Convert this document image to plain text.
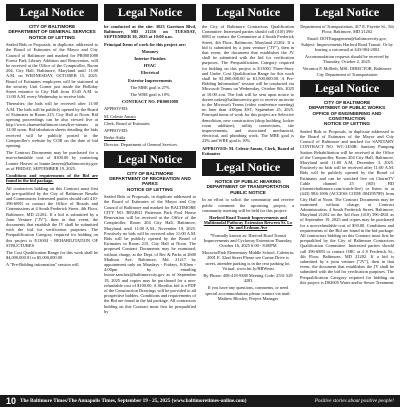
Legal Notice
CITY OF BALTIMORE
DEPARTMENT OF GENERAL SERVICES
NOTICE OF LETTING
Sealed Bids or Proposals, in duplicate, addressed to the Board of Estimates of the Mayor and City Council of Baltimore and marked for PR0001088 Forest Park Library Addition and Renovation, will be received at the Office of the Comptroller, Room 204, City Hall, Baltimore, Maryland until 11:00 A.M. on WEDNESDAY, OCTOBER 15, 2025. Board of Estimates employees will be stationed at the security Unit Corner just inside the Holliday Street entrance to City Hall from 10:45 A.M. to 11:00 A.M. every Wednesday to receive bids.
Thereafter, the bids will be received after 11:00 A.M. The bids will be publicly opened by the Board of Estimates in Room 215, City Hall at Noon. Bid opening proceedings can be also viewed live at http://www.charmtvbaltimore.com/live-stream at 12:00 noon. Bid tabulation sheets detailing the bids received will be publicly posted to the Comptroller's website by COB on the date of bid opening.
The Contract Documents may be purchased for a non-refundable cost of $100.00 by contacting Lonnie Heaver at lonnie.heaver@baltimorecity.gov as of FRIDAY, SEPTEMBER 19, 2025.
Conditions and requirements of the Bid are found in the bid package.
All contractors bidding on this Contract must first be pre-qualified by the City of Baltimore Results and Commission. Interested parties should call 410-396-6883 or contact the Office of Boards and Commissions at 4 South Frederick Street, 4th Floor, Baltimore, MD 21202. If a bid is submitted by a Joint Venture ("JV"), then in that event, the documents that establish the JV shall be submitted with the bid for verification purposes. The Prequalification Category required for bidding on this project is E13004 - REHABILITATION OF STRUCTURES
The Cost Qualification Range for this work shall be $4,000,000.01 to $5,000,000.00
A "Pre-Bidding information" session will
Legal Notice
be conducted at the site: 3023 Garrison Blvd, Baltimore, MD 21216 on TUESDAY, SEPTEMBER 30, 2025 at 10:00 a.m.
Principal Items of work for this project are:
Masonry
Interior Finishes
HVAC
Electrical
Exterior Improvements
The MBE goal is 27%
The WBE goal is 10%
CONTRACT NO. PR0001088
APPROVED:
M. Celeste Amato
Clerk, Board of Estimates
APPROVED:
Berke Attila
Director, Department of General Services
Legal Notice
CITY OF BALTIMORE
DEPARTMENT OF RECREATION AND PARKS
NOTICE OF LETTING
Sealed Bids or Proposals, in duplicate addressed to the Board of Estimates of the Mayor and City Council of Baltimore and marked for BALTIMORE CITY NO. RP24021 Patterson Park Pool House Renovation will be received at the Office of the Comptroller, Room 204 City Hall, Baltimore, Maryland, until 11:00 A.M., November 19, 2025. Positively no bids will be received after 11:00 A.M. Bids will be publicly opened by the Board of Estimates in Room 215, City Hall at Noon. The proposed Contract Documents may be examined, without charge, at the Dept. of Rec & Parks at 2600 Madison Ave, Baltimore, Md. 21217 by appointment only on Mondays - Fridays, 8:30am - 4:00pm by emailing leonie.sanchez@baltimorecity.gov as of September 19, 2025 and copies may be purchased for a non-refundable cost of $100.00. A Shortlist bid is a PDF of the Construction Drawings will be provided to all prospective bidders. Conditions and requirements of the Bid are found in the bid package. All contractors bidding on this Contract must first be prequalified by
Legal Notice
the City of Baltimore Contractors Qualification Committee. Interested parties should call (410) 396-6883 or contact the Committee at 4 South Frederick Street, 4th Floor, Baltimore, Maryland 21202. If a bid is submitted by a joint venture ("JV"), then in that event, the document that establishes the JV shall be submitted with the bid for verification purposes. The Prequalification Category required for bidding on this project is E13001 Three-Story and Under. Cost Qualification Range for this work shall be $1,000,000.00 to $1,500,000.00. A Pre-Bidding Information" session will be conducted via Microsoft Teams on Wednesday, October 8th, 2025 at 10:00 a.m. The link will be sent upon notice to dorree.oakes@baltimorecity.gov to receive an invite to the Microsoft Teams (video conference meeting) no later than 4:00pm EST, September 25, 2025. Principal items of work for this project are Selective demolition, new construction (shop building, locker room addition), utility connections, site improvements, and associated mechanical, electrical, and plumbing work. The MBE goal is 22% and WBE goal is 10%.
APPROVED: M. Celeste Amato, Clerk, Board of Estimates
Legal Notice
NOTICE OF PUBLIC HEARING
DEPARTMENT OF TRANSPORTATION PUBLIC NOTICE
In an effort to solicit the community and receive public comment the upcoming project, a community meeting will be held for this project:
Harford Road Transit Improvements and Multimodal Pathway Extension Between St. Lo Dr. and Erdman Ave
*Formally known as: Harford Road Transit Improvements and Cyclaway Extension Thursday, October 16, 2025 6:00 - 8:00PM
Moravia/Park Elementary Middle School, Cafeteria, 2001 E. 32nd Street Please see Carine Drive is street, attendee parking is in the rear parking lot. Virtual: www.bit.ly/HRWeast
By Phone: 408-418-9388 Meeting Code: 2531 529 4283
If you have any questions, comments, or need special accommodations please contact via mail: Mathew Bloxley, Project Manager
Legal Notice
Department of Transportation, 417 E. Fayette St., 5th Floor, Baltimore, MD 21202
Email: DOTEngagement@baltimorecity.gov, Subject: Improvements Harford Road Transit. Or by leaving a voicemail at 443-984-2002
Accommodation requests should be received by Thursday, October 2, 2025.
Veronica P. McBeth, MSL DIRECTOR, Baltimore City Department of Transportation
Legal Notice
CITY OF BALTIMORE
DEPARTMENT OF PUBLIC WORKS
OFFICE OF ENGINEERING AND CONSTRUCTION
NOTICE OF LETTING
Sealed Bids or Proposals, in duplicate addressed to the Board of Estimates of the Mayor and City Council of Baltimore and marked for SANITARY CONTRACT NO. WC-1450R: Sanitary Pumping Station Rehabilitation will be received at the Office of the Comptroller, Room 204 City Hall, Baltimore, Maryland until 11:00 A.M. December 3, 2025. Positively no bids will be received after 11:00 A.M. Bids will be publicly opened by the Board of Estimates and can be watched live on CharmTV Cable channel 25 (SD) HD (charmtvbaltimore.com/watch-live) or listen in at (443) 984-1696 (ACCESS CODE 084295789) from City Hall at Noon. The Contract Documents may be examined, without charge, at Contract Administration, 4 South Frederick Street, Baltimore, Maryland 21202 on the 3rd floor (410) 396-4841 as of September 19, 2025 and copies may be purchased for a non-refundable cost of $50.00. Conditions and requirements of the Bid are found in the bid package. All contractors bidding on this Contract must first be prequalified by the City of Baltimore Contractors Qualification Committee. Interested parties should call 396-6883 or contact OBC at 4 S Frederick St., 4th Floor, Baltimore, MD 21202. If a bid is submitted by a joint venture ("JV"), then in that event, the document that establishes the JV shall be submitted with the bid for verification purposes. The Prequalification Category required for bidding on this project is D02605 Water and/or Sewer Treatment
10 The Baltimore Times/The Annapolis Times, September 19 - 25, 2025 (www.baltimoretimes-online.com)	Positive stories about positive people!
